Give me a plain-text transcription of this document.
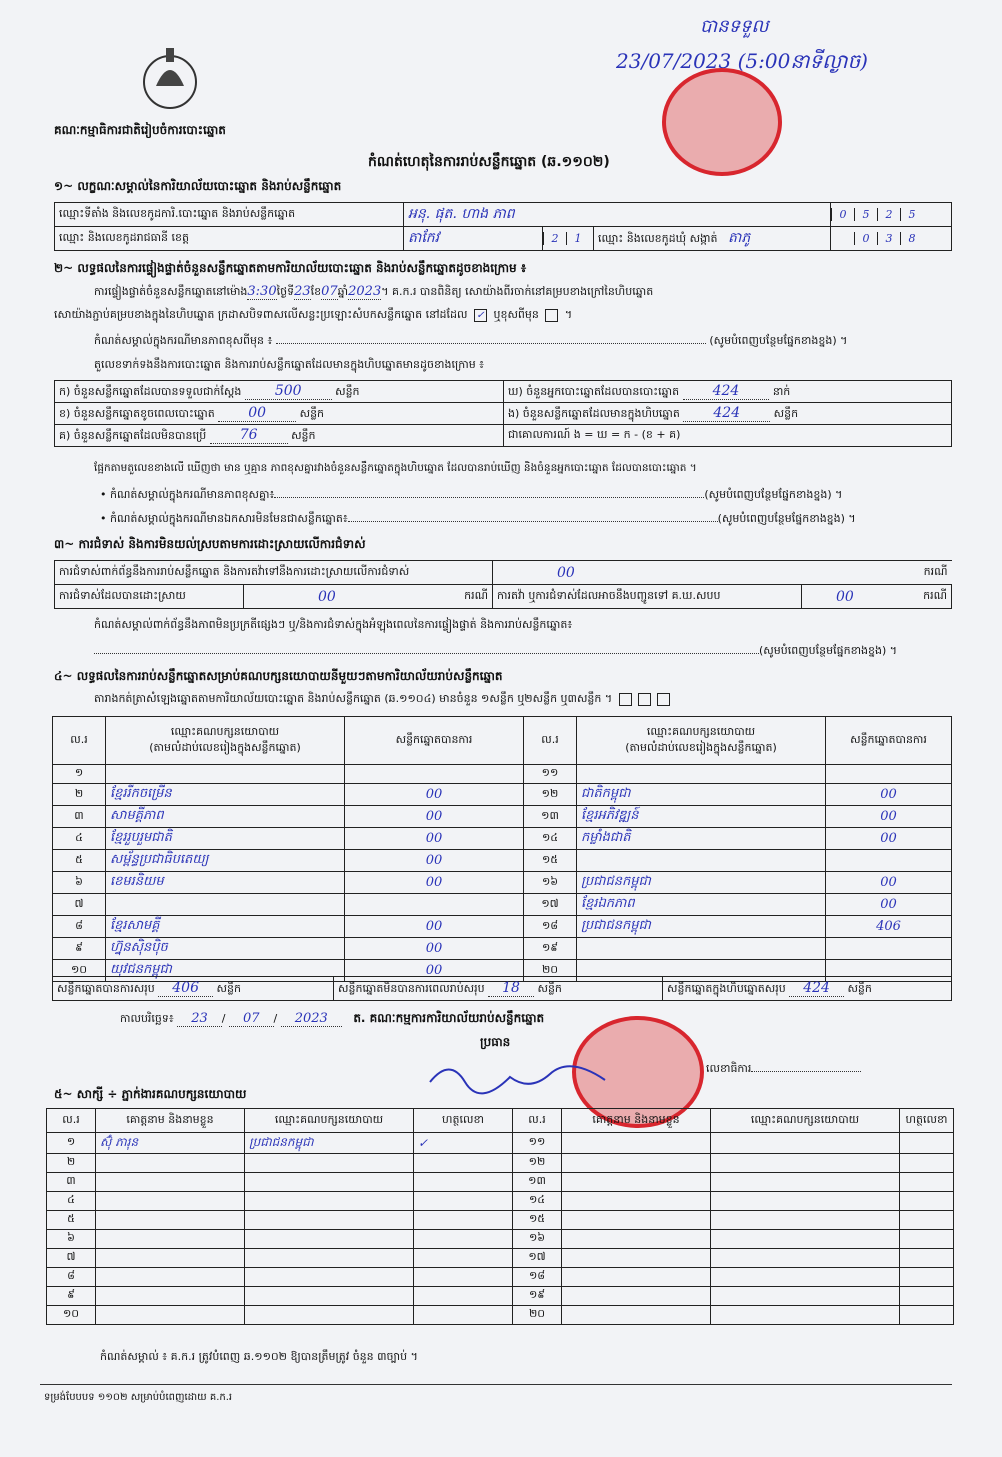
បានទទួល
23/07/2023 (5:00នាទីល្ងាច)
គណៈកម្មាធិការជាតិរៀបចំការបោះឆ្នោត
កំណត់ហេតុនៃការរាប់សន្លឹកឆ្នោត (ឆ.១១០២)
១~ លក្ខណៈសម្គាល់នៃការិយាល័យបោះឆ្នោត និងរាប់សន្លឹកឆ្នោត
ឈ្មោះទីតាំង និងលេខកូដការិ.បោះឆ្នោត និងរាប់សន្លឹកឆ្នោត	អនុ. ផុត. ហាង ភាព			0 5 2 5
ឈ្មោះ និងលេខកូដរាជធានី ខេត្ត	តាកែវ	2 1	ឈ្មោះ និងលេខកូដឃុំ សង្កាត់ តាភូ	0 3 8
២~ លទ្ធផលនៃការផ្ទៀងផ្ទាត់ចំនួនសន្លឹកឆ្នោតតាមការិយាល័យបោះឆ្នោត និងរាប់សន្លឹកឆ្នោតដូចខាងក្រោម ៖
ការផ្ទៀងផ្ទាត់ចំនួនសន្លឹកឆ្នោតនៅម៉ោង3:30ថ្ងៃទី23ខែ07ឆ្នាំ2023។ គ.ក.រ បានពិនិត្យ សោយ៉ាងពីរចាក់នៅគម្របខាងក្រៅនៃហិបឆ្នោត
សោយ៉ាងភ្ជាប់គម្របខាងក្នុងនៃហិបឆ្នោត ក្រដាសបិទពាសលើសន្លះប្រឡោះសំបកសន្លឹកឆ្នោត នៅដដែល ✓ ឬខុសពីមុន  ។
កំណត់សម្គាល់ក្នុងករណីមានភាពខុសពីមុន ៖	(សូមបំពេញបន្ថែមផ្នែកខាងខ្នង) ។
តួលេខទាក់ទងនឹងការបោះឆ្នោត និងការរាប់សន្លឹកឆ្នោតដែលមានក្នុងហិបឆ្នោតមានដូចខាងក្រោម ៖
ក) ចំនួនសន្លឹកឆ្នោតដែលបានទទួលជាក់ស្តែង 500 សន្លឹក	ឃ) ចំនួនអ្នកបោះឆ្នោតដែលបានបោះឆ្នោត 424 នាក់
ខ) ចំនួនសន្លឹកឆ្នោតខូចពេលបោះឆ្នោត 00 សន្លឹក	ង) ចំនួនសន្លឹកឆ្នោតដែលមានក្នុងហិបឆ្នោត 424 សន្លឹក
គ) ចំនួនសន្លឹកឆ្នោតដែលមិនបានប្រើ 76 សន្លឹក	ជាគោលការណ៍ ង = ឃ = ក - (ខ + គ)
ផ្អែកតាមតួលេខខាងលើ ឃើញថា មាន ឬគ្មាន ភាពខុសគ្នារវាងចំនួនសន្លឹកឆ្នោតក្នុងហិបឆ្នោត ដែលបានរាប់ឃើញ និងចំនួនអ្នកបោះឆ្នោត ដែលបានបោះឆ្នោត ។
• កំណត់សម្គាល់ក្នុងករណីមានភាពខុសគ្នា៖	(សូមបំពេញបន្ថែមផ្នែកខាងខ្នង) ។
• កំណត់សម្គាល់ក្នុងករណីមានឯកសារមិនមែនជាសន្លឹកឆ្នោត៖	(សូមបំពេញបន្ថែមផ្នែកខាងខ្នង) ។
៣~ ការជំទាស់ និងការមិនយល់ស្របតាមការដោះស្រាយលើការជំទាស់
ការជំទាស់ពាក់ព័ន្ធនឹងការរាប់សន្លឹកឆ្នោត និងការតវ៉ាទៅនឹងការដោះស្រាយលើការជំទាស់		00 ករណី	

ការជំទាស់ដែលបានដោះស្រាយ	00 ករណី	ការតវ៉ា ឬការជំទាស់ដែលអាចនឹងបញ្ជូនទៅ គ.ឃ.សបប	00 ករណី
កំណត់សម្គាល់ពាក់ព័ន្ធនឹងភាពមិនប្រក្រតីផ្សេងៗ ឬ/និងការជំទាស់ក្នុងអំឡុងពេលនៃការផ្ទៀងផ្ទាត់ និងការរាប់សន្លឹកឆ្នោត៖
(សូមបំពេញបន្ថែមផ្នែកខាងខ្នង) ។
៤~ លទ្ធផលនៃការរាប់សន្លឹកឆ្នោតសម្រាប់គណបក្សនយោបាយនីមួយៗតាមការិយាល័យរាប់សន្លឹកឆ្នោត
តារាងកត់ត្រាសំឡេងឆ្នោតតាមការិយាល័យបោះឆ្នោត និងរាប់សន្លឹកឆ្នោត (ឆ.១១០៤) មានចំនួន ១សន្លឹក ឬ២សន្លឹក ឬ៣សន្លឹក ។
ល.រ	ឈ្មោះគណបក្សនយោបាយ
(តាមលំដាប់លេខរៀងក្នុងសន្លឹកឆ្នោត)	សន្លឹកឆ្នោតបានការ	ល.រ	ឈ្មោះគណបក្សនយោបាយ
(តាមលំដាប់លេខរៀងក្នុងសន្លឹកឆ្នោត)	សន្លឹកឆ្នោតបានការ
១			១១		
២	ខ្មែររីកចម្រើន	00	១២	ជាតិកម្ពុជា	00
៣	សាមគ្គីភាព	00	១៣	ខ្មែរអភិវឌ្ឍន៍	00
៤	ខ្មែររួបរួមជាតិ	00	១៤	កម្លាំងជាតិ	00
៥	សម្ព័ន្ធប្រជាធិបតេយ្យ	00	១៥		
៦	ខេមរនិយម	00	១៦	ប្រជាជនកម្ពុជា	00
៧			១៧	ខ្មែរឯកភាព	00
៨	ខ្មែរសាមគ្គី	00	១៨	ប្រជាជនកម្ពុជា	406
៩	ហ្វ៊ុនស៊ិនប៉ិច	00	១៩		
១០	យុវជនកម្ពុជា	00	២០		
សន្លឹកឆ្នោតបានការសរុប 406 សន្លឹក	សន្លឹកឆ្នោតមិនបានការពេលរាប់សរុប 18 សន្លឹក	សន្លឹកឆ្នោតក្នុងហិបឆ្នោតសរុប 424 សន្លឹក
កាលបរិច្ឆេទ៖ 23 / 07 / 2023 ត. គណៈកម្មការការិយាល័យរាប់សន្លឹកឆ្នោត
ប្រធាន
លេខាធិការ
៥~ សាក្សី ÷ ភ្នាក់ងារគណបក្សនយោបាយ
ល.រ	គោត្តនាម និងនាមខ្លួន	ឈ្មោះគណបក្សនយោបាយ	ហត្ថលេខា	ល.រ	គោត្តនាម និងនាមខ្លួន	ឈ្មោះគណបក្សនយោបាយ	ហត្ថលេខា
១	ស៊ុំ ភារុន	ប្រជាជនកម្ពុជា	✓	១១			
២				១២			
៣				១៣			
៤				១៤			
៥				១៥			
៦				១៦			
៧				១៧			
៨				១៨			
៩				១៩			
១០				២០			
កំណត់សម្គាល់ ៖ គ.ក.រ ត្រូវបំពេញ ឆ.១១០២ ឱ្យបានត្រឹមត្រូវ ចំនួន ៣ច្បាប់ ។
ទម្រង់បែបបទ ១១០២ សម្រាប់បំពេញដោយ គ.ក.រ
